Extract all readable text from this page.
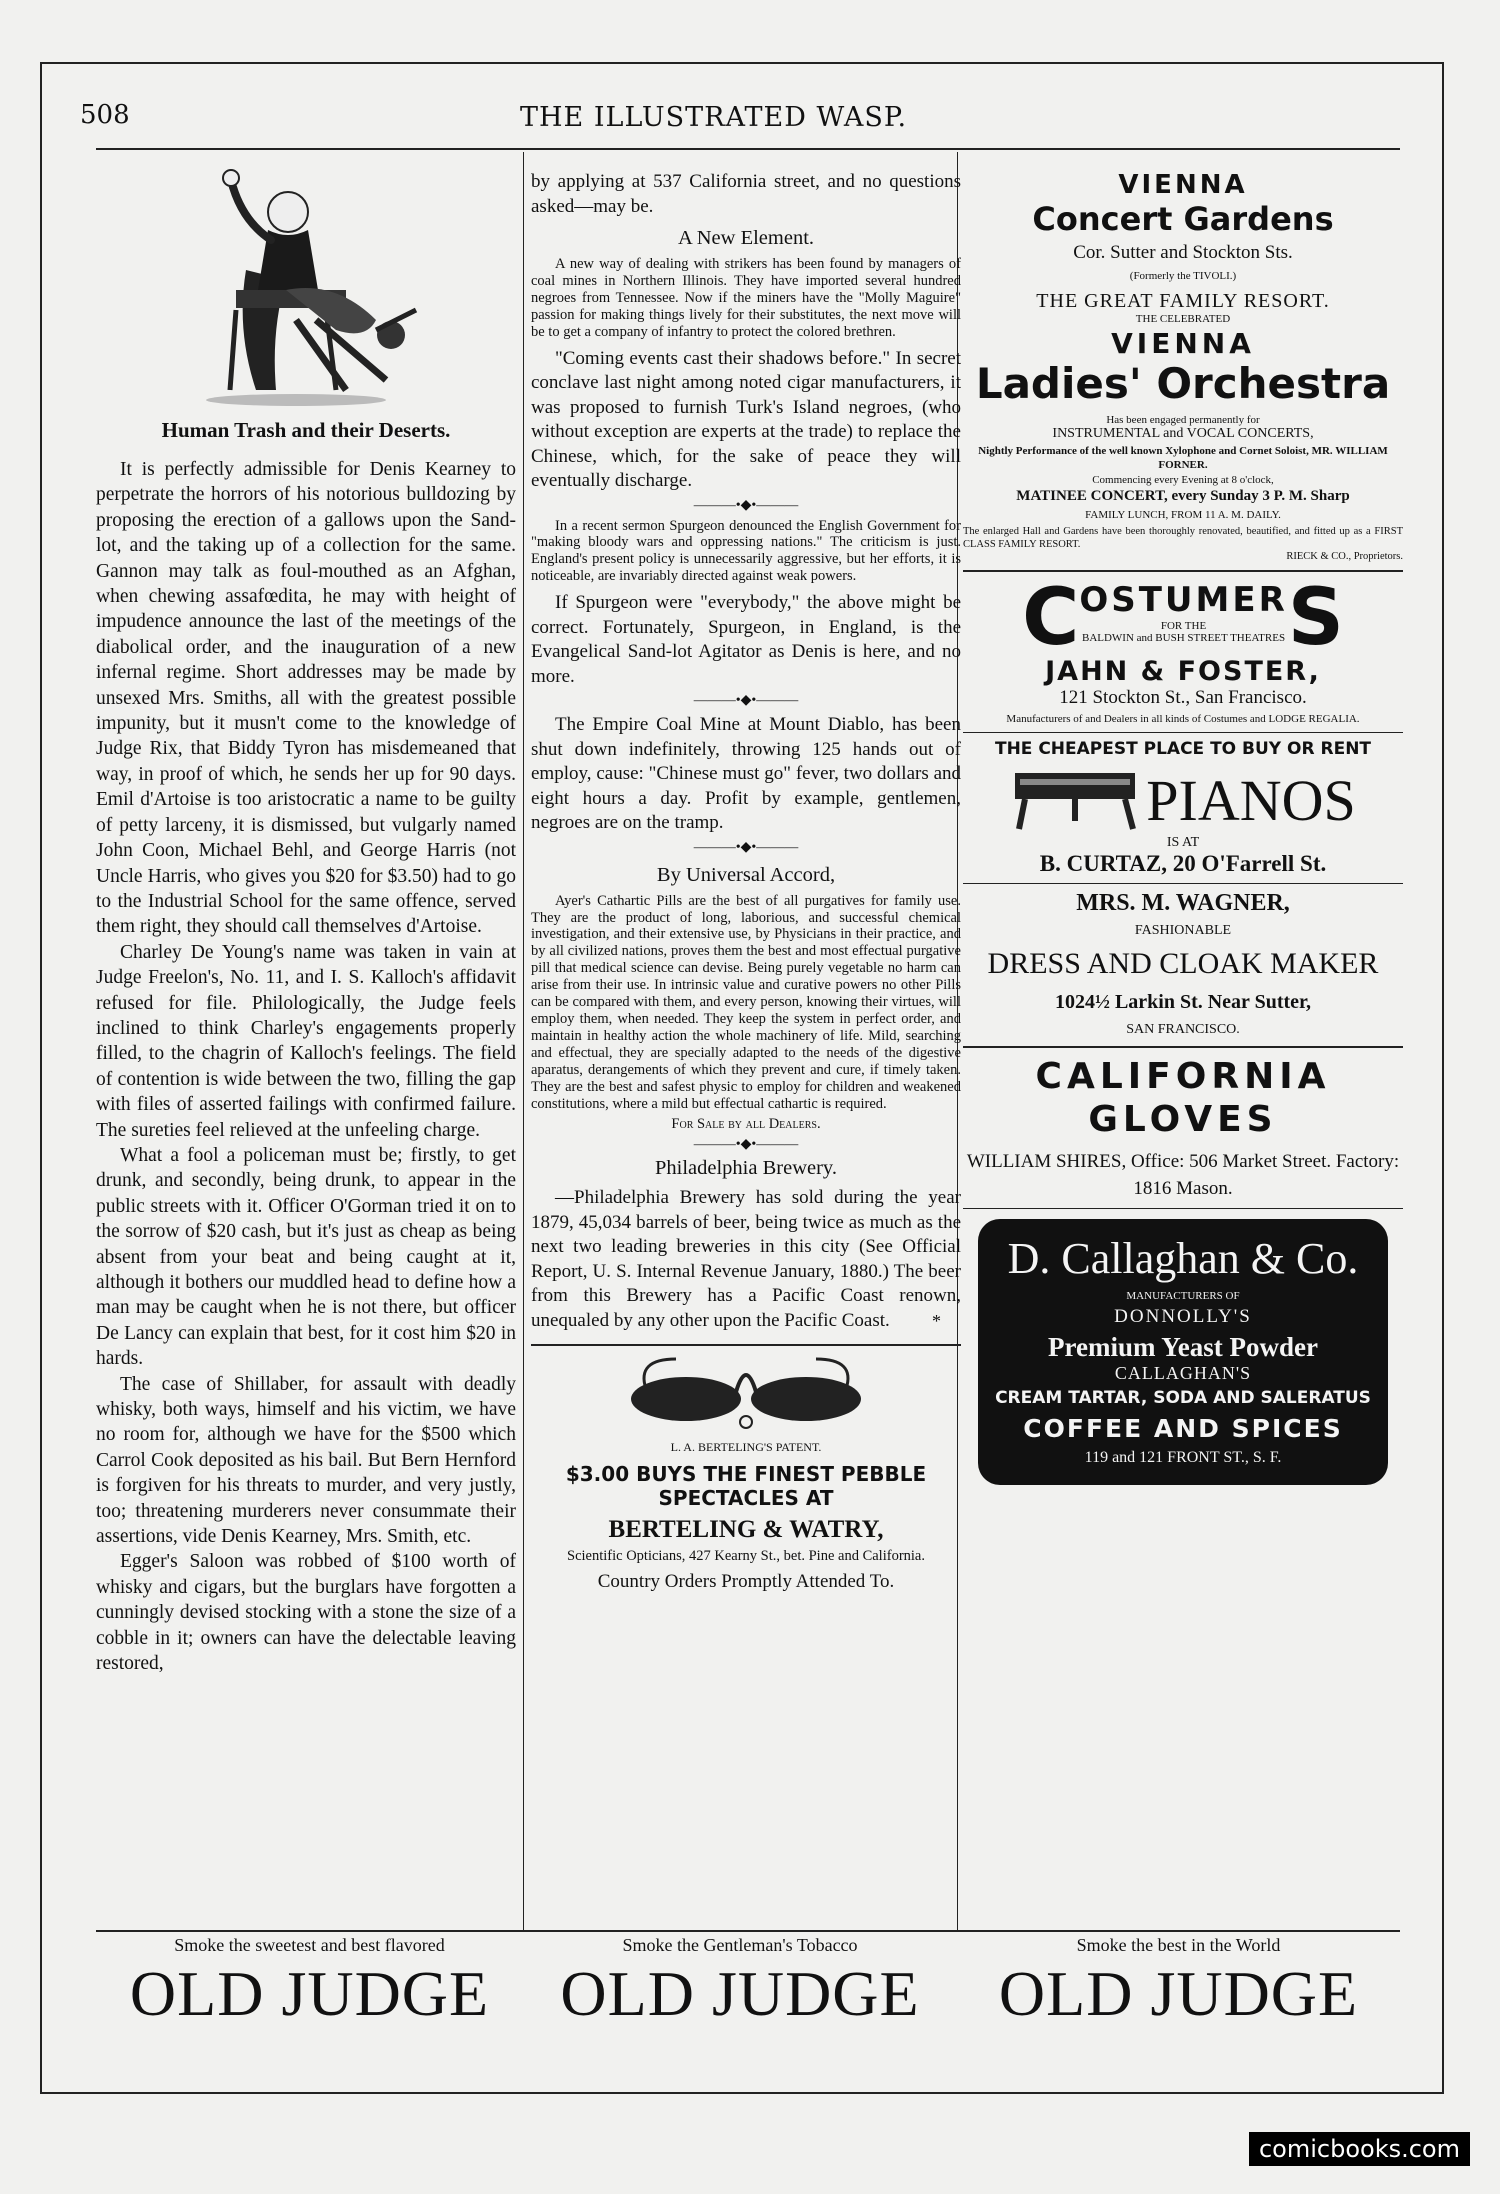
508	THE ILLUSTRATED WASP.
Human Trash and their Deserts.

It is perfectly admissible for Denis Kearney to perpetrate the horrors of his notorious bulldozing by proposing the erection of a gallows upon the Sand-lot, and the taking up of a collection for the same. Gannon may talk as foul-mouthed as an Afghan, when chewing assafœdita, he may with height of impudence announce the last of the meetings of the diabolical order, and the inauguration of a new infernal regime. Short addresses may be made by unsexed Mrs. Smiths, all with the greatest possible impunity, but it musn't come to the knowledge of Judge Rix, that Biddy Tyron has misdemeaned that way, in proof of which, he sends her up for 90 days. Emil d'Artoise is too aristocratic a name to be guilty of petty larceny, it is dismissed, but vulgarly named John Coon, Michael Behl, and George Harris (not Uncle Harris, who gives you $20 for $3.50) had to go to the Industrial School for the same offence, served them right, they should call themselves d'Artoise.

Charley De Young's name was taken in vain at Judge Freelon's, No. 11, and I. S. Kalloch's affidavit refused for file. Philologically, the Judge feels inclined to think Charley's engagements properly filled, to the chagrin of Kalloch's feelings. The field of contention is wide between the two, filling the gap with files of asserted failings with confirmed failure. The sureties feel relieved at the unfeeling charge.

What a fool a policeman must be; firstly, to get drunk, and secondly, being drunk, to appear in the public streets with it. Officer O'Gorman tried it on to the sorrow of $20 cash, but it's just as cheap as being absent from your beat and being caught at it, although it bothers our muddled head to define how a man may be caught when he is not there, but officer De Lancy can explain that best, for it cost him $20 in hards.

The case of Shillaber, for assault with deadly whisky, both ways, himself and his victim, we have no room for, although we have for the $500 which Carrol Cook deposited as his bail. But Bern Hernford is forgiven for his threats to murder, and very justly, too; threatening murderers never consummate their assertions, vide Denis Kearney, Mrs. Smith, etc.

Egger's Saloon was robbed of $100 worth of whisky and cigars, but the burglars have forgotten a cunningly devised stocking with a stone the size of a cobble in it; owners can have the delectable leaving restored,

by applying at 537 California street, and no questions asked—may be.

A New Element.

A new way of dealing with strikers has been found by managers of coal mines in Northern Illinois. They have imported several hundred negroes from Tennessee. Now if the miners have the "Molly Maguire" passion for making things lively for their substitutes, the next move will be to get a company of infantry to protect the colored brethren.

"Coming events cast their shadows before." In secret conclave last night among noted cigar manufacturers, it was proposed to furnish Turk's Island negroes, (who without exception are experts at the trade) to replace the Chinese, which, for the sake of peace they will eventually discharge.

———•◆•———

In a recent sermon Spurgeon denounced the English Government for "making bloody wars and oppressing nations." The criticism is just. England's present policy is unnecessarily aggressive, but her efforts, it is noticeable, are invariably directed against weak powers.

If Spurgeon were "everybody," the above might be correct. Fortunately, Spurgeon, in England, is the Evangelical Sand-lot Agitator as Denis is here, and no more.

———•◆•———

The Empire Coal Mine at Mount Diablo, has been shut down indefinitely, throwing 125 hands out of employ, cause: "Chinese must go" fever, two dollars and eight hours a day. Profit by example, gentlemen, negroes are on the tramp.

———•◆•———
By Universal Accord,

Ayer's Cathartic Pills are the best of all purgatives for family use. They are the product of long, laborious, and successful chemical investigation, and their extensive use, by Physicians in their practice, and by all civilized nations, proves them the best and most effectual purgative pill that medical science can devise. Being purely vegetable no harm can arise from their use. In intrinsic value and curative powers no other Pills can be compared with them, and every person, knowing their virtues, will employ them, when needed. They keep the system in perfect order, and maintain in healthy action the whole machinery of life. Mild, searching and effectual, they are specially adapted to the needs of the digestive aparatus, derangements of which they prevent and cure, if timely taken. They are the best and safest physic to employ for children and weakened constitutions, where a mild but effectual cathartic is required.

For Sale by all Dealers.
———•◆•———
Philadelphia Brewery.

—Philadelphia Brewery has sold during the year 1879, 45,034 barrels of beer, being twice as much as the next two leading breweries in this city (See Official Report, U. S. Internal Revenue January, 1880.) The beer from this Brewery has a Pacific Coast renown, unequaled by any other upon the Pacific Coast.	*
L. A. BERTELING'S PATENT.
$3.00 BUYS THE FINEST PEBBLE SPECTACLES AT
BERTELING & WATRY,
Scientific Opticians, 427 Kearny St., bet. Pine and California.
Country Orders Promptly Attended To.
VIENNA
Concert Gardens
Cor. Sutter and Stockton Sts.
(Formerly the TIVOLI.)
THE GREAT FAMILY RESORT.
THE CELEBRATED
VIENNA
Ladies' Orchestra
Has been engaged permanently for
INSTRUMENTAL and VOCAL CONCERTS,
Nightly Performance of the well known Xylophone and Cornet Soloist, MR. WILLIAM FORNER.
Commencing every Evening at 8 o'clock,
MATINEE CONCERT, every Sunday 3 P. M. Sharp
FAMILY LUNCH, FROM 11 A. M. DAILY.
The enlarged Hall and Gardens have been thoroughly renovated, beautified, and fitted up as a FIRST CLASS FAMILY RESORT.
RIECK & CO., Proprietors.
C OSTUMER
FOR THE
BALDWIN and BUSH STREET THEATRES S
JAHN & FOSTER,
121 Stockton St., San Francisco.
Manufacturers of and Dealers in all kinds of Costumes and LODGE REGALIA.
THE CHEAPEST PLACE TO BUY OR RENT
PIANOS
IS AT
B. CURTAZ, 20 O'Farrell St.
MRS. M. WAGNER,
FASHIONABLE
DRESS AND CLOAK MAKER
1024½ Larkin St. Near Sutter,
SAN FRANCISCO.
CALIFORNIA
GLOVES
WILLIAM SHIRES, Office: 506 Market Street. Factory: 1816 Mason.
D. Callaghan & Co.
MANUFACTURERS OF
DONNOLLY'S
Premium Yeast Powder
CALLAGHAN'S
CREAM TARTAR, SODA AND SALERATUS
COFFEE AND SPICES
119 and 121 FRONT ST., S. F.
Smoke the sweetest and best flavored
OLD JUDGE
Smoke the Gentleman's Tobacco
OLD JUDGE
Smoke the best in the World
OLD JUDGE
comicbooks.com
